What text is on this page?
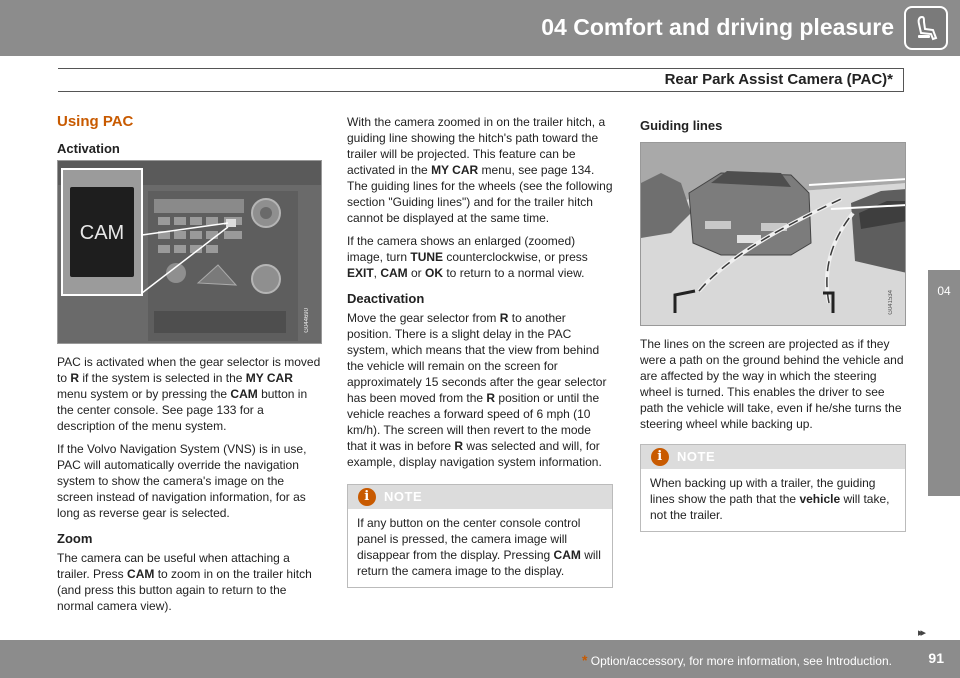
04 Comfort and driving pleasure
Rear Park Assist Camera (PAC)*
04
Using PAC
Activation
CAM
G044690

PAC is activated when the gear selector is moved to R if the system is selected in the MY CAR menu system or by pressing the CAM button in the center console. See page 133 for a description of the menu system.

If the Volvo Navigation System (VNS) is in use, PAC will automatically override the navigation system to show the camera's image on the screen instead of navigation information, for as long as reverse gear is selected.

Zoom

The camera can be useful when attaching a trailer. Press CAM to zoom in on the trailer hitch (and press this button again to return to the normal camera view).

With the camera zoomed in on the trailer hitch, a guiding line showing the hitch's path toward the trailer will be projected. This feature can be activated in the MY CAR menu, see page 134. The guiding lines for the wheels (see the following section "Guiding lines") and for the trailer hitch cannot be displayed at the same time.

If the camera shows an enlarged (zoomed) image, turn TUNE counterclockwise, or press EXIT, CAM or OK to return to a normal view.

Deactivation

Move the gear selector from R to another position. There is a slight delay in the PAC system, which means that the view from behind the vehicle will remain on the screen for approximately 15 seconds after the gear selector has been moved from the R position or until the vehicle reaches a forward speed of 6 mph (10 km/h). The screen will then revert to the mode that it was in before R was selected and will, for example, display navigation system information.

i	NOTE

If any button on the center console control panel is pressed, the camera image will disappear from the display. Pressing CAM will return the camera image to the display.

Guiding lines
G041534

The lines on the screen are projected as if they were a path on the ground behind the vehicle and are affected by the way in which the steering wheel is turned. This enables the driver to see path the vehicle will take, even if he/she turns the steering wheel while backing up.

i	NOTE

When backing up with a trailer, the guiding lines show the path that the vehicle will take, not the trailer.

▸▸
* Option/accessory, for more information, see Introduction.	91
